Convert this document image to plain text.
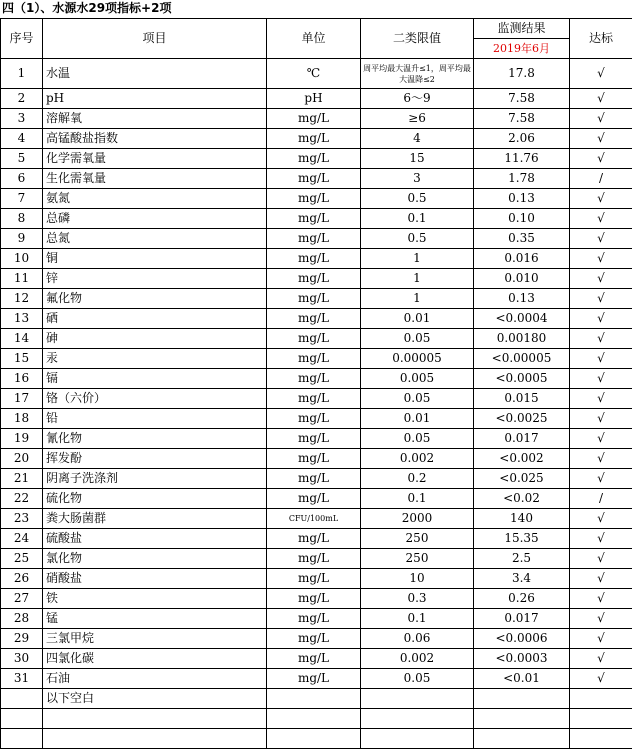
四（1）、水源水29项指标+2项
序号	项目	单位	二类限值	监测结果	达标
				2019年6月	
1	水温	℃	周平均最大温升≤1，周平均最大温降≤2	17.8	√
2	pH	pH	6～9	7.58	√
3	溶解氧	mg/L	≥6	7.58	√
4	高锰酸盐指数	mg/L	4	2.06	√
5	化学需氧量	mg/L	15	11.76	√
6	生化需氧量	mg/L	3	1.78	/
7	氨氮	mg/L	0.5	0.13	√
8	总磷	mg/L	0.1	0.10	√
9	总氮	mg/L	0.5	0.35	√
10	铜	mg/L	1	0.016	√
11	锌	mg/L	1	0.010	√
12	氟化物	mg/L	1	0.13	√
13	硒	mg/L	0.01	<0.0004	√
14	砷	mg/L	0.05	0.00180	√
15	汞	mg/L	0.00005	<0.00005	√
16	镉	mg/L	0.005	<0.0005	√
17	铬（六价）	mg/L	0.05	0.015	√
18	铅	mg/L	0.01	<0.0025	√
19	氰化物	mg/L	0.05	0.017	√
20	挥发酚	mg/L	0.002	<0.002	√
21	阴离子洗涤剂	mg/L	0.2	<0.025	√
22	硫化物	mg/L	0.1	<0.02	/
23	粪大肠菌群	CFU/100mL	2000	140	√
24	硫酸盐	mg/L	250	15.35	√
25	氯化物	mg/L	250	2.5	√
26	硝酸盐	mg/L	10	3.4	√
27	铁	mg/L	0.3	0.26	√
28	锰	mg/L	0.1	0.017	√
29	三氯甲烷	mg/L	0.06	<0.0006	√
30	四氯化碳	mg/L	0.002	<0.0003	√
31	石油	mg/L	0.05	<0.01	√
	以下空白				
